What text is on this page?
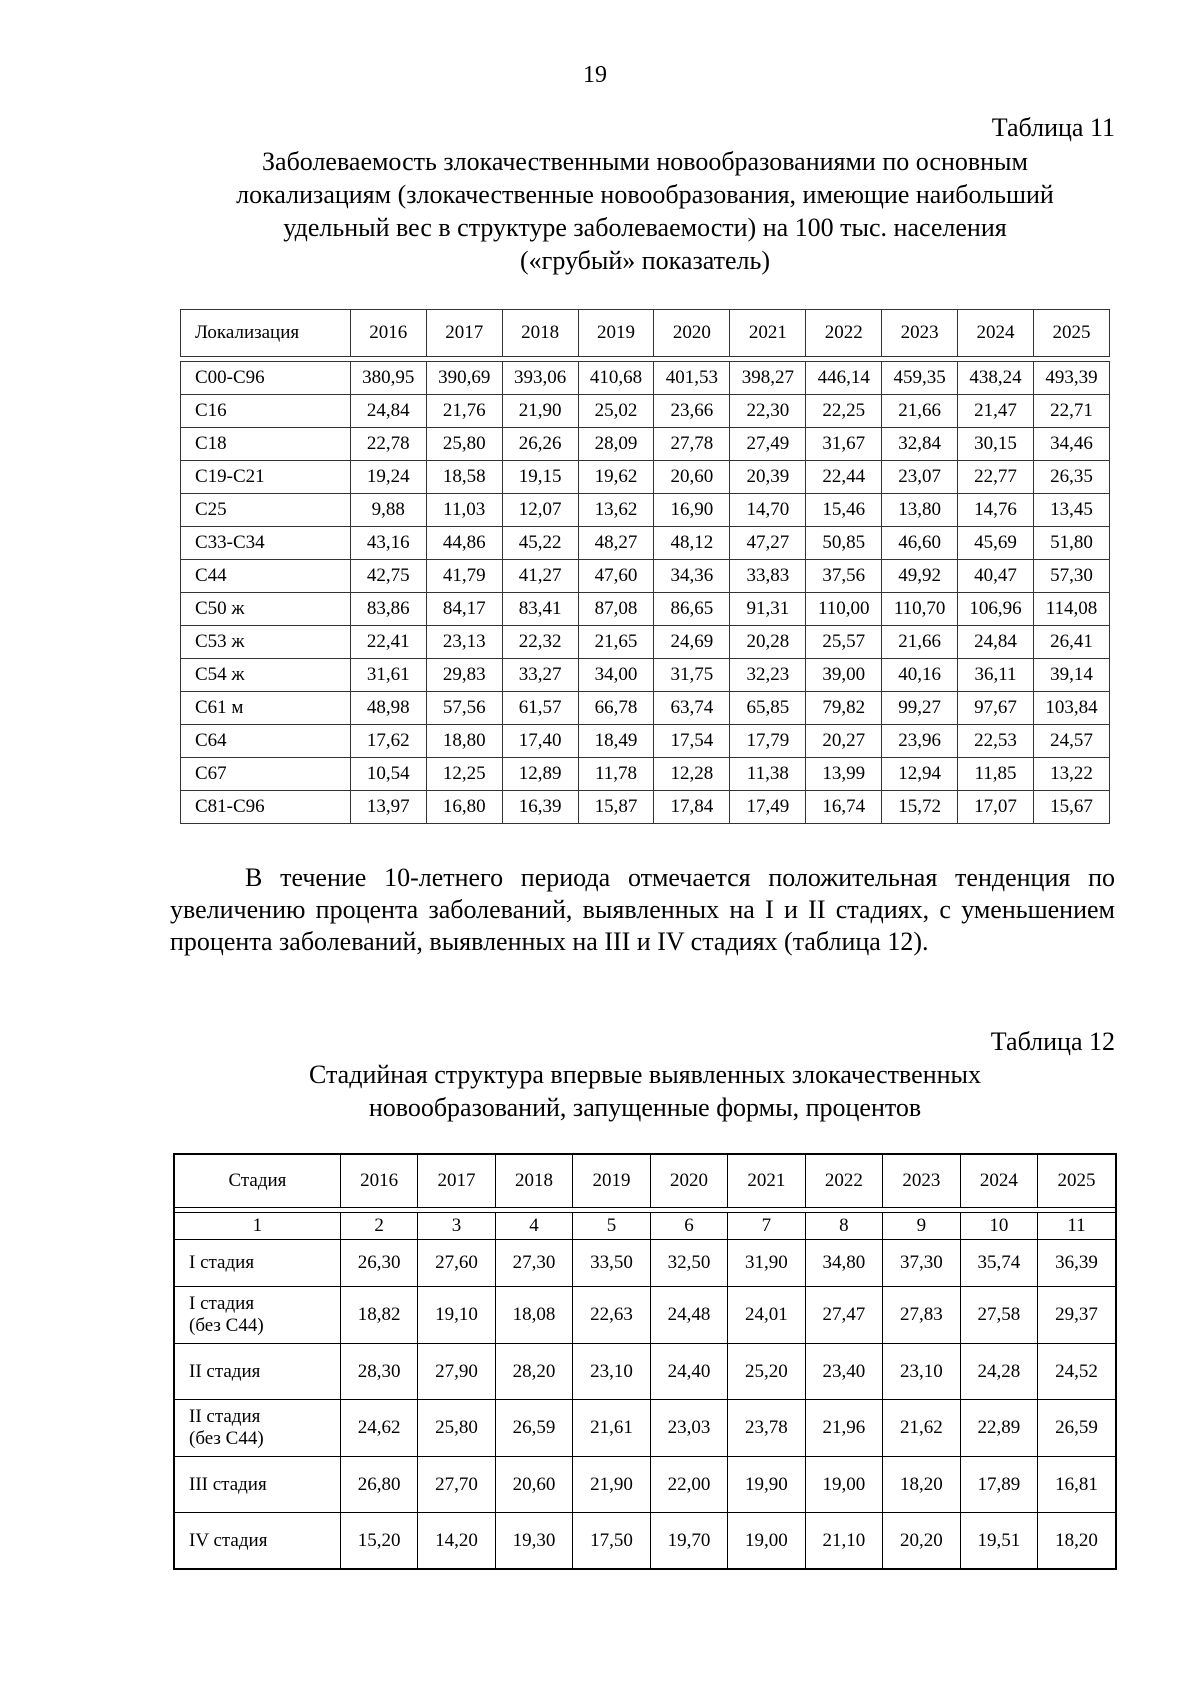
19
Таблица 11
Заболеваемость злокачественными новообразованиями по основным
локализациям (злокачественные новообразования, имеющие наибольший
удельный вес в структуре заболеваемости) на 100 тыс. населения
(«грубый» показатель)
Локализация	2016	2017	2018	2019	2020	2021	2022	2023	2024	2025

С00-С96	380,95	390,69	393,06	410,68	401,53	398,27	446,14	459,35	438,24	493,39
С16	24,84	21,76	21,90	25,02	23,66	22,30	22,25	21,66	21,47	22,71
С18	22,78	25,80	26,26	28,09	27,78	27,49	31,67	32,84	30,15	34,46
С19-С21	19,24	18,58	19,15	19,62	20,60	20,39	22,44	23,07	22,77	26,35
С25	9,88	11,03	12,07	13,62	16,90	14,70	15,46	13,80	14,76	13,45
С33-С34	43,16	44,86	45,22	48,27	48,12	47,27	50,85	46,60	45,69	51,80
С44	42,75	41,79	41,27	47,60	34,36	33,83	37,56	49,92	40,47	57,30
С50 ж	83,86	84,17	83,41	87,08	86,65	91,31	110,00	110,70	106,96	114,08
С53 ж	22,41	23,13	22,32	21,65	24,69	20,28	25,57	21,66	24,84	26,41
С54 ж	31,61	29,83	33,27	34,00	31,75	32,23	39,00	40,16	36,11	39,14
С61 м	48,98	57,56	61,57	66,78	63,74	65,85	79,82	99,27	97,67	103,84
С64	17,62	18,80	17,40	18,49	17,54	17,79	20,27	23,96	22,53	24,57
С67	10,54	12,25	12,89	11,78	12,28	11,38	13,99	12,94	11,85	13,22
С81-С96	13,97	16,80	16,39	15,87	17,84	17,49	16,74	15,72	17,07	15,67
В течение 10-летнего периода отмечается положительная тенденция по увеличению процента заболеваний, выявленных на I и II стадиях, с уменьшением процента заболеваний, выявленных на III и IV стадиях (таблица 12).
Таблица 12
Стадийная структура впервые выявленных злокачественных
новообразований, запущенные формы, процентов
Стадия	2016	2017	2018	2019	2020	2021	2022	2023	2024	2025

1	2	3	4	5	6	7	8	9	10	11

I стадия	26,30	27,60	27,30	33,50	32,50	31,90	34,80	37,30	35,74	36,39

I стадия
(без С44)	18,82	19,10	18,08	22,63	24,48	24,01	27,47	27,83	27,58	29,37

II стадия	28,30	27,90	28,20	23,10	24,40	25,20	23,40	23,10	24,28	24,52

II стадия
(без С44)	24,62	25,80	26,59	21,61	23,03	23,78	21,96	21,62	22,89	26,59

III стадия	26,80	27,70	20,60	21,90	22,00	19,90	19,00	18,20	17,89	16,81

IV стадия	15,20	14,20	19,30	17,50	19,70	19,00	21,10	20,20	19,51	18,20
